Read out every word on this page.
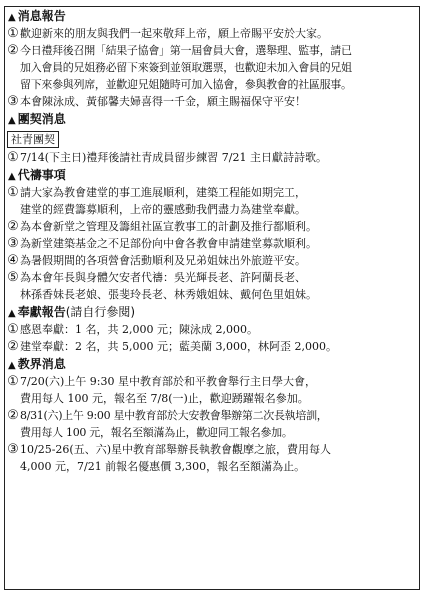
▲ 消息報告
① 歡迎新來的朋友與我們一起來敬拜上帝，願上帝賜平安於大家。
② 今日禮拜後召開「結果子協會」第一屆會員大會，選舉理、監事，請已
加入會員的兄姐務必留下來簽到並領取選票，也歡迎未加入會員的兄姐
留下來參與列席，並歡迎兄姐隨時可加入協會，參與教會的社區服事。
③ 本會陳泳成、黃郁馨夫婦喜得一千金，願主賜福保守平安！
▲ 團契消息
社青團契
① 7/14(下主日)禮拜後請社青成員留步練習 7/21 主日獻詩詩歌。
▲ 代禱事項
① 請大家為教會建堂的事工進展順利，建築工程能如期完工，
建堂的經費籌募順利，上帝的靈感動我們盡力為建堂奉獻。
② 為本會新堂之管理及籌組社區宣教事工的計劃及推行都順利。
③ 為新堂建築基金之不足部份向中會各教會申請建堂募款順利。
④ 為暑假期間的各項營會活動順利及兄弟姐妹出外旅遊平安。
⑤ 為本會年長與身體欠安者代禱：吳光輝長老、許阿蘭長老、
林孫香妹長老娘、張斐玲長老、林秀娥姐妹、戴何色里姐妹。
▲ 奉獻報告(請自行參閱)
① 感恩奉獻：1 名，共 2,000 元；陳泳成 2,000。
② 建堂奉獻：2 名，共 5,000 元；藍美蘭 3,000，林阿歪 2,000。
▲ 教界消息
① 7/20(六)上午 9:30 星中教育部於和平教會舉行主日學大會，
費用每人 100 元，報名至 7/8(一)止，歡迎踴躍報名參加。
② 8/31(六)上午 9:00 星中教育部於大安教會舉辦第二次長執培訓，
費用每人 100 元，報名至額滿為止，歡迎同工報名參加。
③ 10/25-26(五、六)星中教育部舉辦長執教會觀摩之旅，費用每人
4,000 元，7/21 前報名優惠價 3,300，報名至額滿為止。
